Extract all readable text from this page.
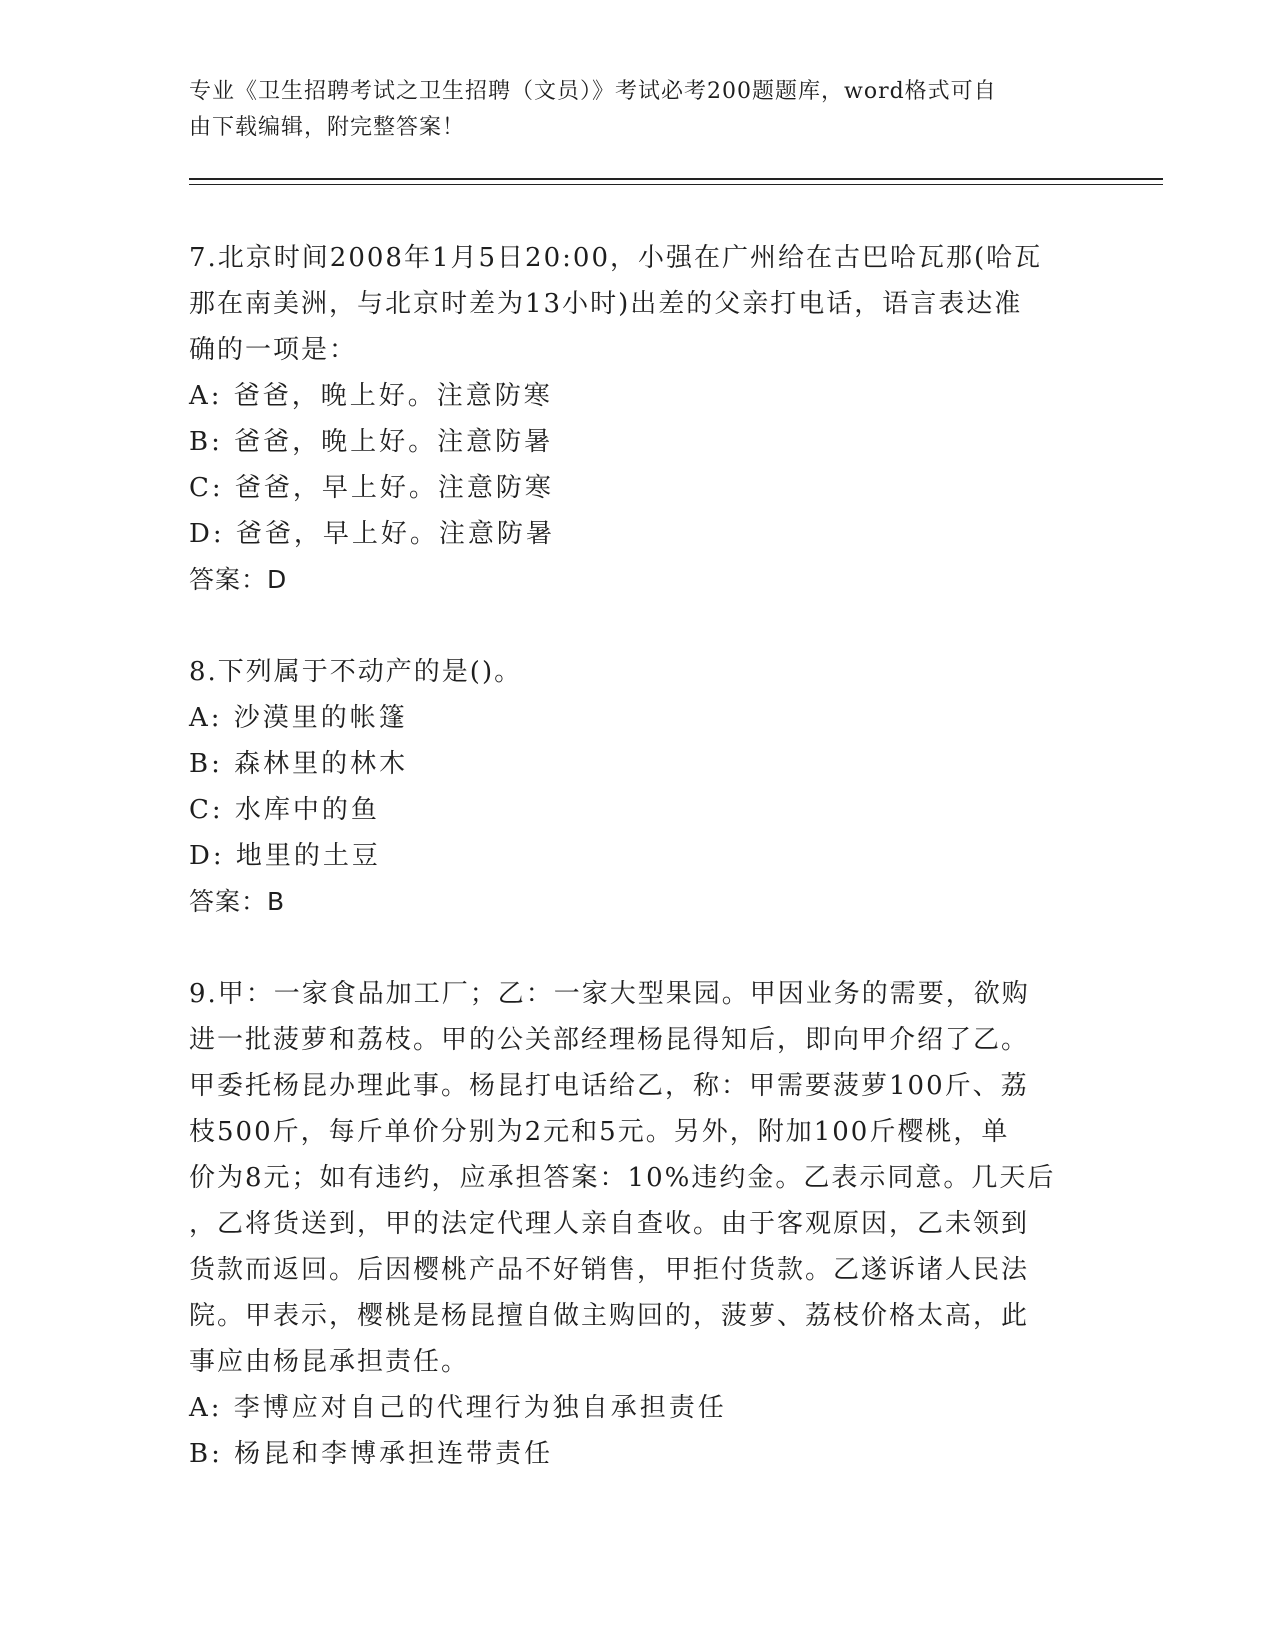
专业《卫生招聘考试之卫生招聘（文员）》考试必考200题题库，word格式可自
由下载编辑，附完整答案！

7.北京时间2008年1月5日20:00，小强在广州给在古巴哈瓦那(哈瓦

那在南美洲，与北京时差为13小时)出差的父亲打电话，语言表达准

确的一项是：

A: 爸爸，晚上好。注意防寒

B: 爸爸，晚上好。注意防暑

C: 爸爸，早上好。注意防寒

D: 爸爸，早上好。注意防暑

答案：D

8.下列属于不动产的是()。

A: 沙漠里的帐篷

B: 森林里的林木

C: 水库中的鱼

D: 地里的土豆

答案：B

9.甲：一家食品加工厂；乙：一家大型果园。甲因业务的需要，欲购

进一批菠萝和荔枝。甲的公关部经理杨昆得知后，即向甲介绍了乙。

甲委托杨昆办理此事。杨昆打电话给乙，称：甲需要菠萝100斤、荔

枝500斤，每斤单价分别为2元和5元。另外，附加100斤樱桃，单

价为8元；如有违约，应承担答案：10%违约金。乙表示同意。几天后

，乙将货送到，甲的法定代理人亲自查收。由于客观原因，乙未领到

货款而返回。后因樱桃产品不好销售，甲拒付货款。乙遂诉诸人民法

院。甲表示，樱桃是杨昆擅自做主购回的，菠萝、荔枝价格太高，此

事应由杨昆承担责任。

A: 李博应对自己的代理行为独自承担责任

B: 杨昆和李博承担连带责任
